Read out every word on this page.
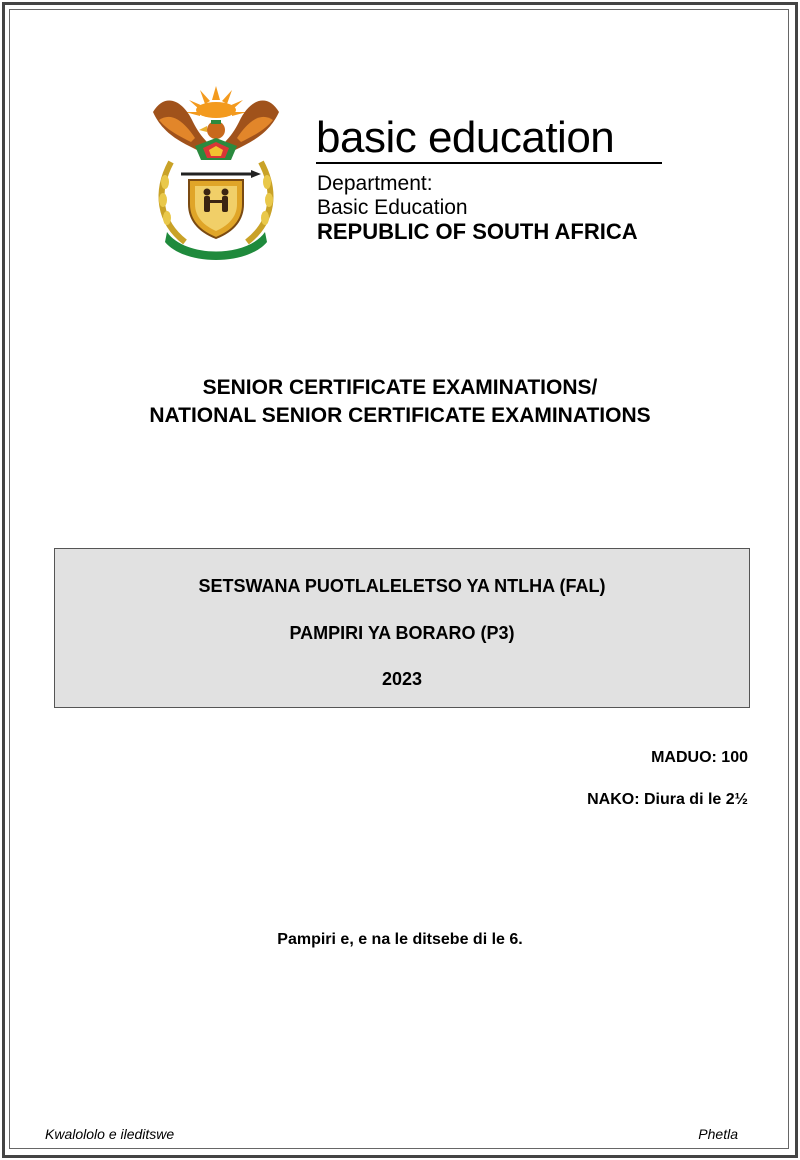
basic education
Department:
Basic Education
REPUBLIC OF SOUTH AFRICA
SENIOR CERTIFICATE EXAMINATIONS/
NATIONAL SENIOR CERTIFICATE EXAMINATIONS
SETSWANA PUOTLALELETSO YA NTLHA (FAL)
PAMPIRI YA BORARO (P3)
2023
MADUO: 100
NAKO: Diura di le 2½
Pampiri e, e na le ditsebe di le 6.
Kwalololo e ileditswe	Phetla
